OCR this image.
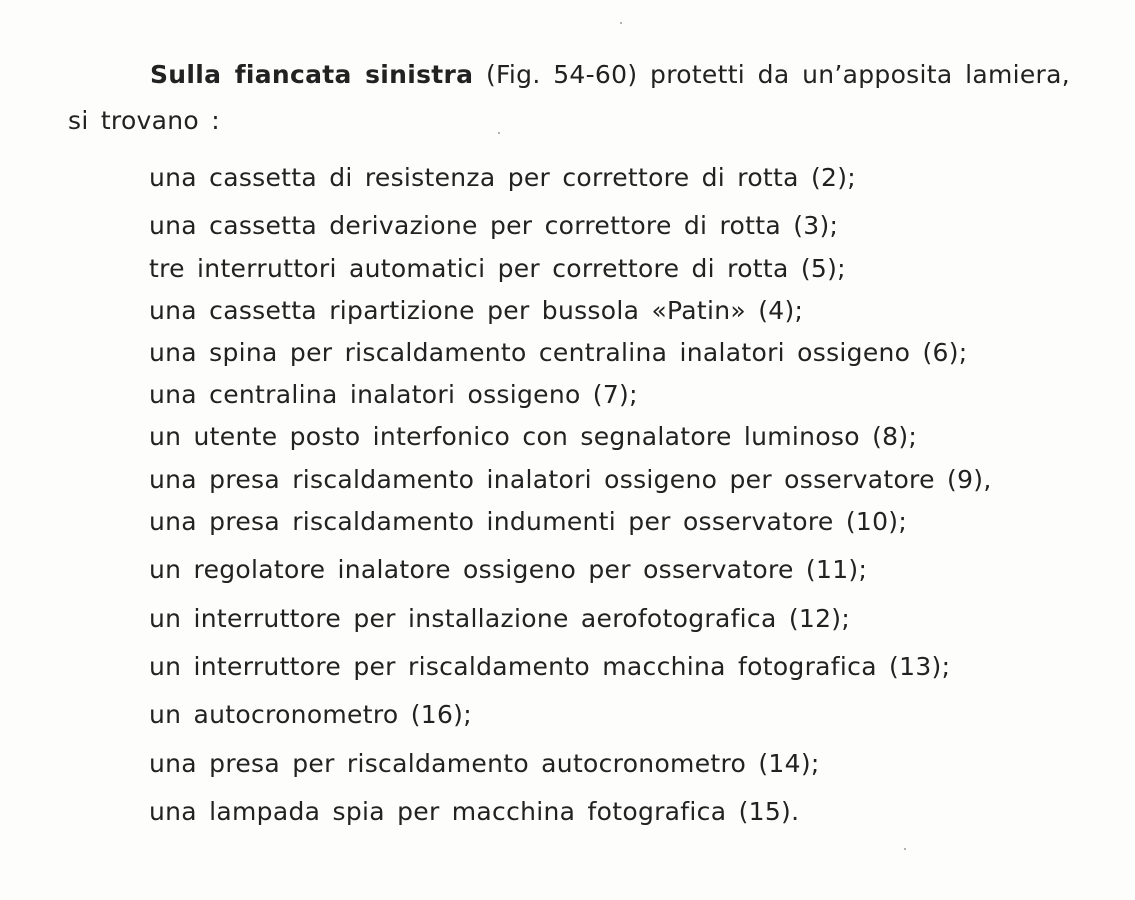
Sulla fiancata sinistra (Fig. 54-60) protetti da un’apposita lamiera, si trovano :

una cassetta di resistenza per correttore di rotta (2);
una cassetta derivazione per correttore di rotta (3);
tre interruttori automatici per correttore di rotta (5);
una cassetta ripartizione per bussola «Patin» (4);
una spina per riscaldamento centralina inalatori ossigeno (6);
una centralina inalatori ossigeno (7);
un utente posto interfonico con segnalatore luminoso (8);
una presa riscaldamento inalatori ossigeno per osservatore (9),
una presa riscaldamento indumenti per osservatore (10);
un regolatore inalatore ossigeno per osservatore (11);
un interruttore per installazione aerofotografica (12);
un interruttore per riscaldamento macchina fotografica (13);
un autocronometro (16);
una presa per riscaldamento autocronometro (14);
una lampada spia per macchina fotografica (15).
